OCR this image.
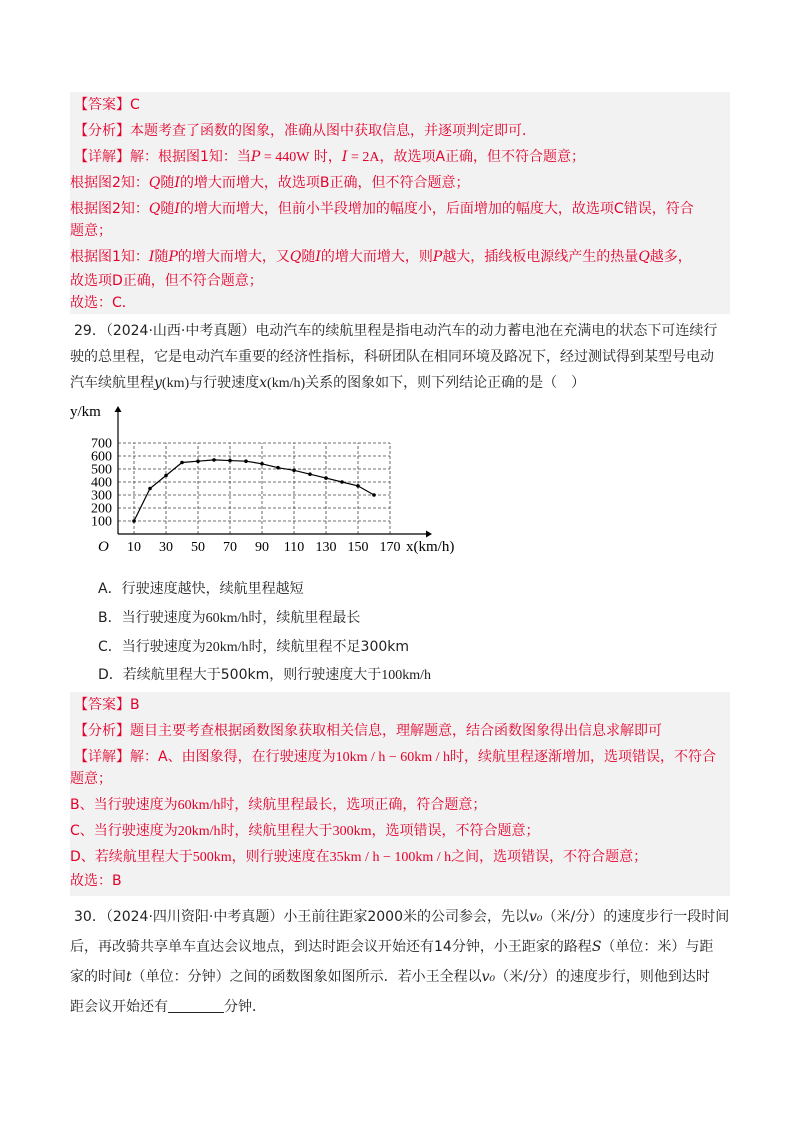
【答案】C
【分析】本题考查了函数的图象，准确从图中获取信息，并逐项判定即可．
【详解】解：根据图1知：当P = 440W 时，I = 2A，故选项A正确，但不符合题意；
根据图2知：Q随I的增大而增大，故选项B正确，但不符合题意；
根据图2知：Q随I的增大而增大，但前小半段增加的幅度小，后面增加的幅度大，故选项C错误，符合
题意；
根据图1知：I随P的增大而增大，又Q随I的增大而增大，则P越大，插线板电源线产生的热量Q越多，
故选项D正确，但不符合题意；
故选：C．
29．（2024·山西·中考真题）电动汽车的续航里程是指电动汽车的动力蓄电池在充满电的状态下可连续行
驶的总里程，它是电动汽车重要的经济性指标，科研团队在相同环境及路况下，经过测试得到某型号电动
汽车续航里程y(km)与行驶速度x(km/h)关系的图象如下，则下列结论正确的是（　）
10 30 50 70 90 110 130 150 170
100
200
300
400
500
600
700
O	x(km/h)
y/km
A．行驶速度越快，续航里程越短
B．当行驶速度为60km/h时，续航里程最长
C．当行驶速度为20km/h时，续航里程不足300km
D．若续航里程大于500km，则行驶速度大于100km/h
【答案】B
【分析】题目主要考查根据函数图象获取相关信息，理解题意，结合函数图象得出信息求解即可
【详解】解：A、由图象得，在行驶速度为10km / h − 60km / h时，续航里程逐渐增加，选项错误，不符合
题意；
B、当行驶速度为60km/h时，续航里程最长，选项正确，符合题意；
C、当行驶速度为20km/h时，续航里程大于300km，选项错误，不符合题意；
D、若续航里程大于500km，则行驶速度在35km / h − 100km / h之间，选项错误，不符合题意；
故选：B
30．（2024·四川资阳·中考真题）小王前往距家2000米的公司参会，先以v₀（米/分）的速度步行一段时间
后，再改骑共享单车直达会议地点，到达时距会议开始还有14分钟，小王距家的路程S（单位：米）与距
家的时间t（单位：分钟）之间的函数图象如图所示．若小王全程以v₀（米/分）的速度步行，则他到达时
距会议开始还有	分钟．
